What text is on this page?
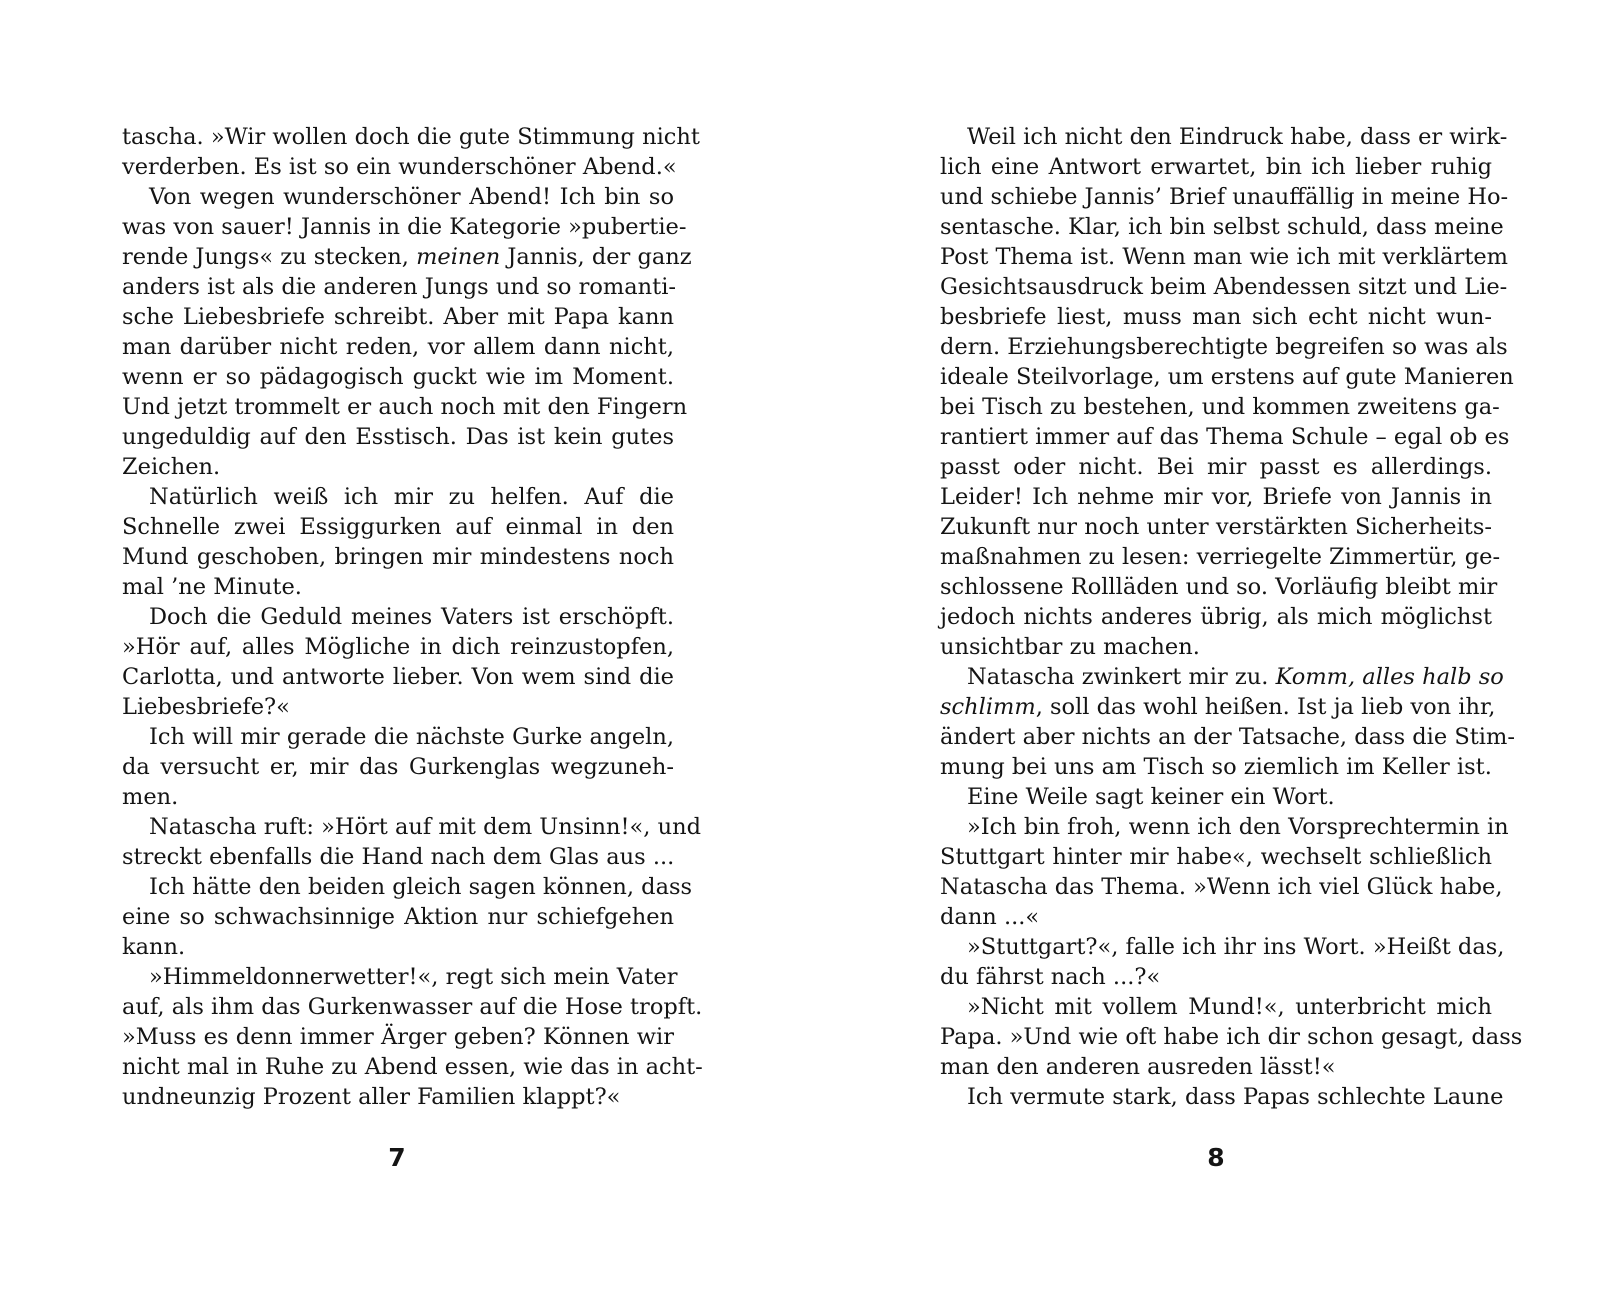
tascha. »Wir wollen doch die gute Stimmung nicht
verderben. Es ist so ein wunderschöner Abend.«
Von wegen wunderschöner Abend! Ich bin so
was von sauer! Jannis in die Kategorie »pubertie-
rende Jungs« zu stecken, meinen Jannis, der ganz
anders ist als die anderen Jungs und so romanti-
sche Liebesbriefe schreibt. Aber mit Papa kann
man darüber nicht reden, vor allem dann nicht,
wenn er so pädagogisch guckt wie im Moment.
Und jetzt trommelt er auch noch mit den Fingern
ungeduldig auf den Esstisch. Das ist kein gutes
Zeichen.
Natürlich weiß ich mir zu helfen. Auf die
Schnelle zwei Essiggurken auf einmal in den
Mund geschoben, bringen mir mindestens noch
mal ’ne Minute.
Doch die Geduld meines Vaters ist erschöpft.
»Hör auf, alles Mögliche in dich reinzustopfen,
Carlotta, und antworte lieber. Von wem sind die
Liebesbriefe?«
Ich will mir gerade die nächste Gurke angeln,
da versucht er, mir das Gurkenglas wegzuneh-
men.
Natascha ruft: »Hört auf mit dem Unsinn!«, und
streckt ebenfalls die Hand nach dem Glas aus ...
Ich hätte den beiden gleich sagen können, dass
eine so schwachsinnige Aktion nur schiefgehen
kann.
»Himmeldonnerwetter!«, regt sich mein Vater
auf, als ihm das Gurkenwasser auf die Hose tropft.
»Muss es denn immer Ärger geben? Können wir
nicht mal in Ruhe zu Abend essen, wie das in acht-
undneunzig Prozent aller Familien klappt?«
Weil ich nicht den Eindruck habe, dass er wirk-
lich eine Antwort erwartet, bin ich lieber ruhig
und schiebe Jannis’ Brief unauffällig in meine Ho-
sentasche. Klar, ich bin selbst schuld, dass meine
Post Thema ist. Wenn man wie ich mit verklärtem
Gesichtsausdruck beim Abendessen sitzt und Lie-
besbriefe liest, muss man sich echt nicht wun-
dern. Erziehungsberechtigte begreifen so was als
ideale Steilvorlage, um erstens auf gute Manieren
bei Tisch zu bestehen, und kommen zweitens ga-
rantiert immer auf das Thema Schule – egal ob es
passt oder nicht. Bei mir passt es allerdings.
Leider! Ich nehme mir vor, Briefe von Jannis in
Zukunft nur noch unter verstärkten Sicherheits-
maßnahmen zu lesen: verriegelte Zimmertür, ge-
schlossene Rollläden und so. Vorläufig bleibt mir
jedoch nichts anderes übrig, als mich möglichst
unsichtbar zu machen.
Natascha zwinkert mir zu. Komm, alles halb so
schlimm, soll das wohl heißen. Ist ja lieb von ihr,
ändert aber nichts an der Tatsache, dass die Stim-
mung bei uns am Tisch so ziemlich im Keller ist.
Eine Weile sagt keiner ein Wort.
»Ich bin froh, wenn ich den Vorsprechtermin in
Stuttgart hinter mir habe«, wechselt schließlich
Natascha das Thema. »Wenn ich viel Glück habe,
dann ...«
»Stuttgart?«, falle ich ihr ins Wort. »Heißt das,
du fährst nach ...?«
»Nicht mit vollem Mund!«, unterbricht mich
Papa. »Und wie oft habe ich dir schon gesagt, dass
man den anderen ausreden lässt!«
Ich vermute stark, dass Papas schlechte Laune
7	8
